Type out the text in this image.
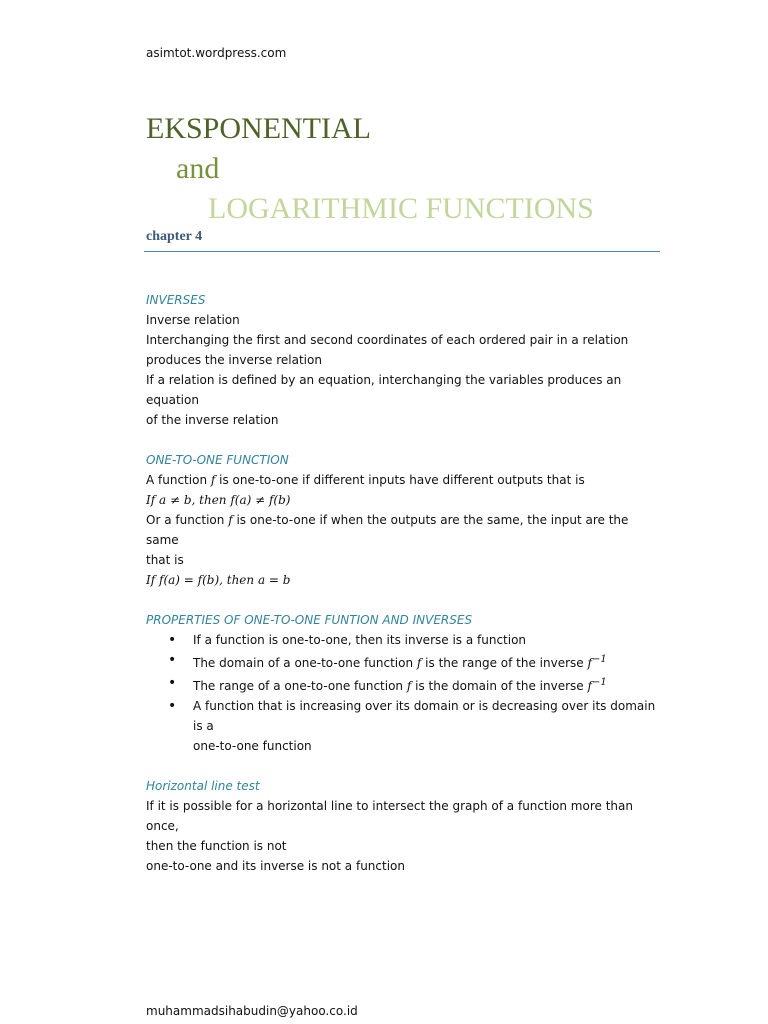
asimtot.wordpress.com
EKSPONENTIAL
and
LOGARITHMIC FUNCTIONS
chapter 4

INVERSES

Inverse relation

Interchanging the first and second coordinates of each ordered pair in a relation

produces the inverse relation

If a relation is defined by an equation, interchanging the variables produces an equation

of the inverse relation

ONE-TO-ONE FUNCTION

A function f is one-to-one if different inputs have different outputs that is

If a ≠ b, then f(a) ≠ f(b)

Or a function f is one-to-one if when the outputs are the same, the input are the same

that is

If f(a) = f(b), then a = b

PROPERTIES OF ONE-TO-ONE FUNTION AND INVERSES

• If a function is one-to-one, then its inverse is a function
• The domain of a one-to-one function f is the range of the inverse $f^{-1}$
• The range of a one-to-one function f is the domain of the inverse $f^{-1}$
• A function that is increasing over its domain or is decreasing over its domain is a
one-to-one function

Horizontal line test

If it is possible for a horizontal line to intersect the graph of a function more than once,

then the function is not

one-to-one and its inverse is not a function

muhammadsihabudin@yahoo.co.id
